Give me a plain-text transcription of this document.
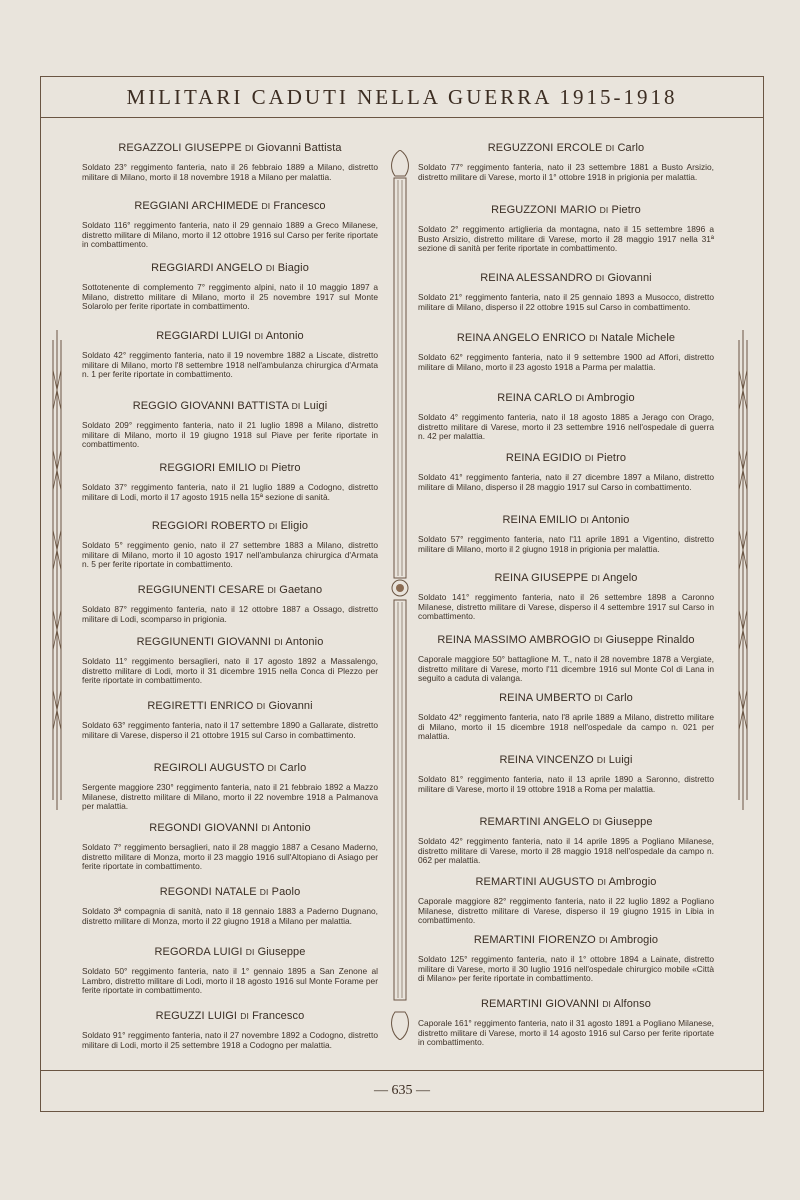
MILITARI CADUTI NELLA GUERRA 1915-1918
— 635 —
REGAZZOLI GIUSEPPE DI Giovanni Battista
Soldato 23° reggimento fanteria, nato il 26 febbraio 1889 a Milano, distretto militare di Milano, morto il 18 novembre 1918 a Milano per malattia.
REGGIANI ARCHIMEDE DI Francesco
Soldato 116° reggimento fanteria, nato il 29 gennaio 1889 a Greco Milanese, distretto militare di Milano, morto il 12 ottobre 1916 sul Carso per ferite riportate in combattimento.
REGGIARDI ANGELO DI Biagio
Sottotenente di complemento 7° reggimento alpini, nato il 10 maggio 1897 a Milano, distretto militare di Milano, morto il 25 novembre 1917 sul Monte Solarolo per ferite riportate in combattimento.
REGGIARDI LUIGI DI Antonio
Soldato 42° reggimento fanteria, nato il 19 novembre 1882 a Liscate, distretto militare di Milano, morto l'8 settembre 1918 nell'ambulanza chirurgica d'Armata n. 1 per ferite riportate in combattimento.
REGGIO GIOVANNI BATTISTA DI Luigi
Soldato 209° reggimento fanteria, nato il 21 luglio 1898 a Milano, distretto militare di Milano, morto il 19 giugno 1918 sul Piave per ferite riportate in combattimento.
REGGIORI EMILIO DI Pietro
Soldato 37° reggimento fanteria, nato il 21 luglio 1889 a Codogno, distretto militare di Lodi, morto il 17 agosto 1915 nella 15ª sezione di sanità.
REGGIORI ROBERTO DI Eligio
Soldato 5° reggimento genio, nato il 27 settembre 1883 a Milano, distretto militare di Milano, morto il 10 agosto 1917 nell'ambulanza chirurgica d'Armata n. 5 per ferite riportate in combattimento.
REGGIUNENTI CESARE DI Gaetano
Soldato 87° reggimento fanteria, nato il 12 ottobre 1887 a Ossago, distretto militare di Lodi, scomparso in prigionia.
REGGIUNENTI GIOVANNI DI Antonio
Soldato 11° reggimento bersaglieri, nato il 17 agosto 1892 a Massalengo, distretto militare di Lodi, morto il 31 dicembre 1915 nella Conca di Plezzo per ferite riportate in combattimento.
REGIRETTI ENRICO DI Giovanni
Soldato 63° reggimento fanteria, nato il 17 settembre 1890 a Gallarate, distretto militare di Varese, disperso il 21 ottobre 1915 sul Carso in combattimento.
REGIROLI AUGUSTO DI Carlo
Sergente maggiore 230° reggimento fanteria, nato il 21 febbraio 1892 a Mazzo Milanese, distretto militare di Milano, morto il 22 novembre 1918 a Palmanova per malattia.
REGONDI GIOVANNI DI Antonio
Soldato 7° reggimento bersaglieri, nato il 28 maggio 1887 a Cesano Maderno, distretto militare di Monza, morto il 23 maggio 1916 sull'Altopiano di Asiago per ferite riportate in combattimento.
REGONDI NATALE DI Paolo
Soldato 3ª compagnia di sanità, nato il 18 gennaio 1883 a Paderno Dugnano, distretto militare di Monza, morto il 22 giugno 1918 a Milano per malattia.
REGORDA LUIGI DI Giuseppe
Soldato 50° reggimento fanteria, nato il 1° gennaio 1895 a San Zenone al Lambro, distretto militare di Lodi, morto il 18 agosto 1916 sul Monte Forame per ferite riportate in combattimento.
REGUZZI LUIGI DI Francesco
Soldato 91° reggimento fanteria, nato il 27 novembre 1892 a Codogno, distretto militare di Lodi, morto il 25 settembre 1918 a Codogno per malattia.
REGUZZONI ERCOLE DI Carlo
Soldato 77° reggimento fanteria, nato il 23 settembre 1881 a Busto Arsizio, distretto militare di Varese, morto il 1° ottobre 1918 in prigionia per malattia.
REGUZZONI MARIO DI Pietro
Soldato 2° reggimento artiglieria da montagna, nato il 15 settembre 1896 a Busto Arsizio, distretto militare di Varese, morto il 28 maggio 1917 nella 31ª sezione di sanità per ferite riportate in combattimento.
REINA ALESSANDRO DI Giovanni
Soldato 21° reggimento fanteria, nato il 25 gennaio 1893 a Musocco, distretto militare di Milano, disperso il 22 ottobre 1915 sul Carso in combattimento.
REINA ANGELO ENRICO DI Natale Michele
Soldato 62° reggimento fanteria, nato il 9 settembre 1900 ad Affori, distretto militare di Milano, morto il 23 agosto 1918 a Parma per malattia.
REINA CARLO DI Ambrogio
Soldato 4° reggimento fanteria, nato il 18 agosto 1885 a Jerago con Orago, distretto militare di Varese, morto il 23 settembre 1916 nell'ospedale di guerra n. 42 per malattia.
REINA EGIDIO DI Pietro
Soldato 41° reggimento fanteria, nato il 27 dicembre 1897 a Milano, distretto militare di Milano, disperso il 28 maggio 1917 sul Carso in combattimento.
REINA EMILIO DI Antonio
Soldato 57° reggimento fanteria, nato l'11 aprile 1891 a Vigentino, distretto militare di Milano, morto il 2 giugno 1918 in prigionia per malattia.
REINA GIUSEPPE DI Angelo
Soldato 141° reggimento fanteria, nato il 26 settembre 1898 a Caronno Milanese, distretto militare di Varese, disperso il 4 settembre 1917 sul Carso in combattimento.
REINA MASSIMO AMBROGIO DI Giuseppe Rinaldo
Caporale maggiore 50° battaglione M. T., nato il 28 novembre 1878 a Vergiate, distretto militare di Varese, morto l'11 dicembre 1916 sul Monte Col di Lana in seguito a caduta di valanga.
REINA UMBERTO DI Carlo
Soldato 42° reggimento fanteria, nato l'8 aprile 1889 a Milano, distretto militare di Milano, morto il 15 dicembre 1918 nell'ospedale da campo n. 021 per malattia.
REINA VINCENZO DI Luigi
Soldato 81° reggimento fanteria, nato il 13 aprile 1890 a Saronno, distretto militare di Varese, morto il 19 ottobre 1918 a Roma per malattia.
REMARTINI ANGELO DI Giuseppe
Soldato 42° reggimento fanteria, nato il 14 aprile 1895 a Pogliano Milanese, distretto militare di Varese, morto il 28 maggio 1918 nell'ospedale da campo n. 062 per malattia.
REMARTINI AUGUSTO DI Ambrogio
Caporale maggiore 82° reggimento fanteria, nato il 22 luglio 1892 a Pogliano Milanese, distretto militare di Varese, disperso il 19 giugno 1915 in Libia in combattimento.
REMARTINI FIORENZO DI Ambrogio
Soldato 125° reggimento fanteria, nato il 1° ottobre 1894 a Lainate, distretto militare di Varese, morto il 30 luglio 1916 nell'ospedale chirurgico mobile «Città di Milano» per ferite riportate in combattimento.
REMARTINI GIOVANNI DI Alfonso
Caporale 161° reggimento fanteria, nato il 31 agosto 1891 a Pogliano Milanese, distretto militare di Varese, morto il 14 agosto 1916 sul Carso per ferite riportate in combattimento.
